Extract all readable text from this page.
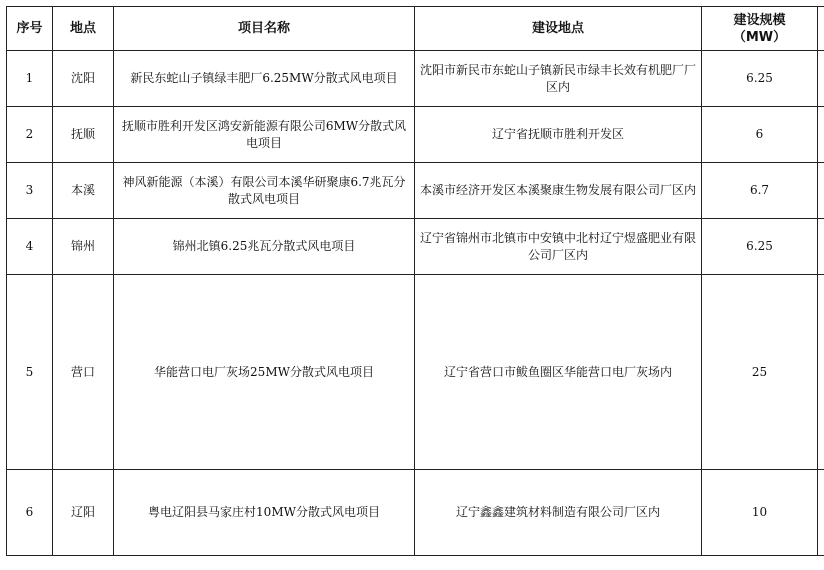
序号	地点	项目名称	建设地点	建设规模
（MW）	

1	沈阳	新民东蛇山子镇绿丰肥厂6.25MW分散式风电项目	沈阳市新民市东蛇山子镇新民市绿丰长效有机肥厂厂区内	6.25	
2	抚顺	抚顺市胜利开发区鸿安新能源有限公司6MW分散式风电项目	辽宁省抚顺市胜利开发区	6	
3	本溪	神风新能源（本溪）有限公司本溪华研聚康6.7兆瓦分散式风电项目	本溪市经济开发区本溪聚康生物发展有限公司厂区内	6.7	
4	锦州	锦州北镇6.25兆瓦分散式风电项目	辽宁省锦州市北镇市中安镇中北村辽宁煜盛肥业有限公司厂区内	6.25	
5	营口	华能营口电厂灰场25MW分散式风电项目	辽宁省营口市鲅鱼圈区华能营口电厂灰场内	25	
6	辽阳	粤电辽阳县马家庄村10MW分散式风电项目	辽宁鑫鑫建筑材料制造有限公司厂区内	10	
